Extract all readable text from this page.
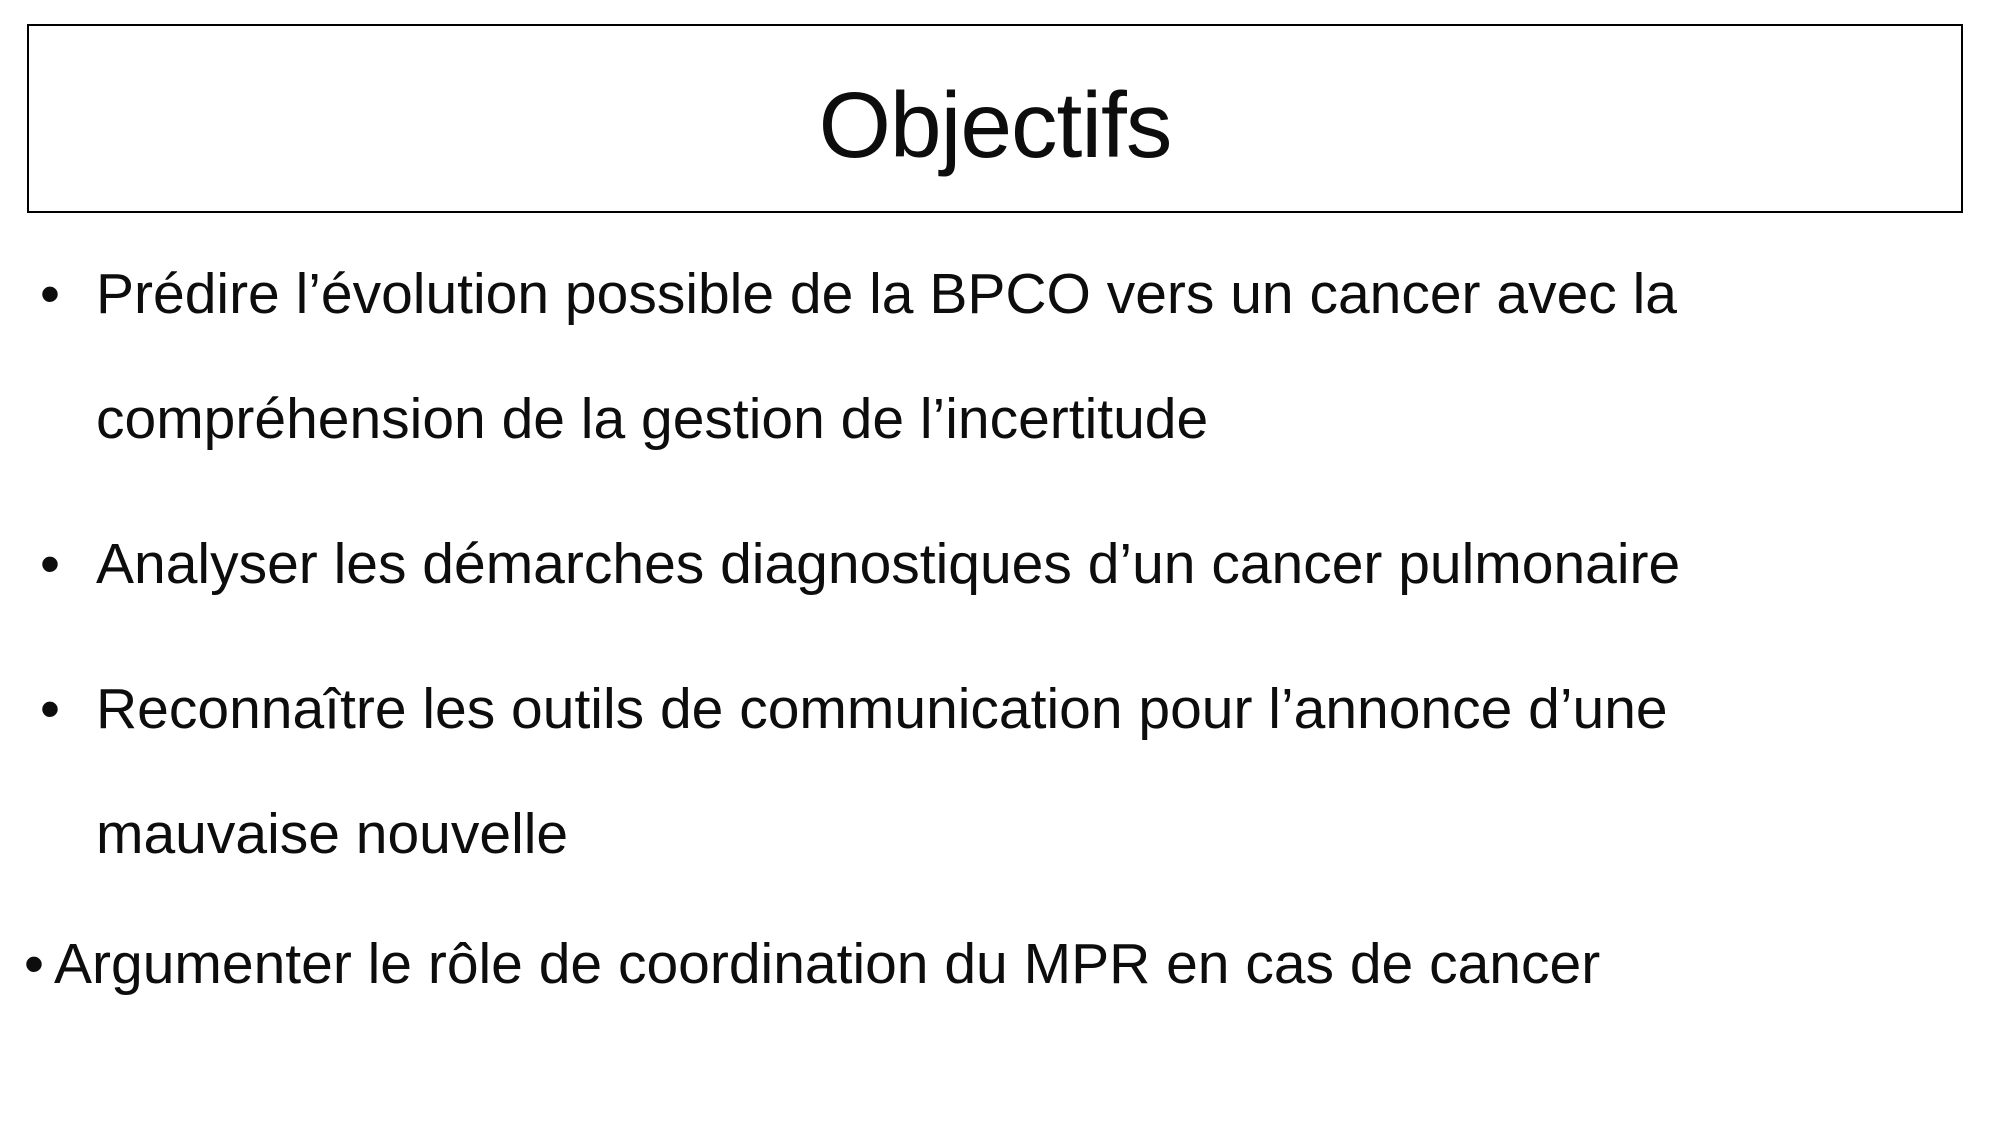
Objectifs
• Prédire l’évolution possible de la BPCO vers un cancer avec la
compréhension de la gestion de l’incertitude
• Analyser les démarches diagnostiques d’un cancer pulmonaire
• Reconnaître les outils de communication pour l’annonce d’une
mauvaise nouvelle
• Argumenter le rôle de coordination du MPR en cas de cancer
